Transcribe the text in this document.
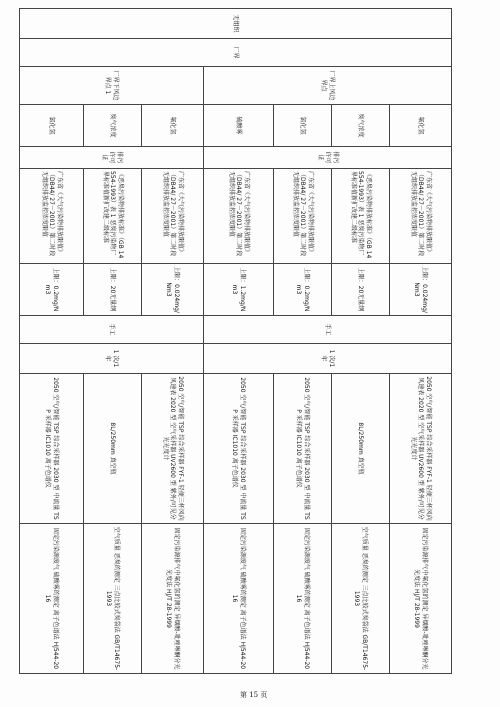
无组织	厂界	厂界上风边界点	氟化氢	排污许可证	广东省《大气污染物排放限值》（DB44/ 27－2001）第二时段无组织排放监控浓度限值	上限：0.024mg/Nm3	手工	1 次/1 年	2050 空气/智能 TSP 综合采样器 FYF-1 轻便三杯风向风速表 2020 型 空气采样器 UV2600 型 紫外/可见分光光度计	固定污染源排气中氟化氢的测定 异烟酸-吡唑啉酮分光光度法 HJ/T 28-1999
			臭气浓度		《恶臭污染物排放标准》（GB 14554-1993）表 1 恶臭污染物厂界标准值新扩改建二级标准	上限：20无量纲			8L/250mm 真空瓶	空气质量 恶臭的测定 三点比较式臭袋法 GB/T14675-1993
			氯化氢		广东省《大气污染物排放限值》（DB44/ 27－2001）第二时段无组织排放监控浓度限值	上限：0.2mg/Nm3			2050 空气/智能 TSP 综合采样器 2030 型 中流量 TSP 采样器 IC1010 离子色谱仪	固定污染源废气 硫酸雾的测定 离子色谱法 HJ544-2016
			硫酸雾		广东省《大气污染物排放限值》（DB44/ 27－2001）第二时段无组织排放监控浓度限值	上限：1.2mg/Nm3			2050 空气/智能 TSP 综合采样器 2030 型 中流量 TSP 采样器 IC1010 离子色谱仪	固定污染源废气 硫酸雾的测定 离子色谱法 HJ544-2016
		厂界下风边界点 1	氟化氢	排污许可证	广东省《大气污染物排放限值》（DB44/ 27－2001）第二时段无组织排放监控浓度限值	上限：0.024mg/Nm3	手工	1 次/1 年	2050 空气/智能 TSP 综合采样器 FYF-1 轻便三杯风向风速表 2020 型 空气采样器 UV2600 型 紫外/可见分光光度计	固定污染源排气中氟化氢的测定 异烟酸-吡唑啉酮分光光度法 HJ/T 28-1999
			臭气浓度		《恶臭污染物排放标准》（GB 14554-1993）表 1 恶臭污染物厂界标准值新扩改建二级标准	上限：20无量纲			8L/250mm 真空瓶	空气质量 恶臭的测定 三点比较式臭袋法 GB/T14675-1993
			氯化氢		广东省《大气污染物排放限值》（DB44/ 27－2001）第二时段无组织排放监控浓度限值	上限：0.2mg/Nm3			2050 空气/智能 TSP 综合采样器 2030 型 中流量 TSP 采样器 IC1010 离子色谱仪	固定污染源废气 硫酸雾的测定 离子色谱法 HJ544-2016
第 15 页
